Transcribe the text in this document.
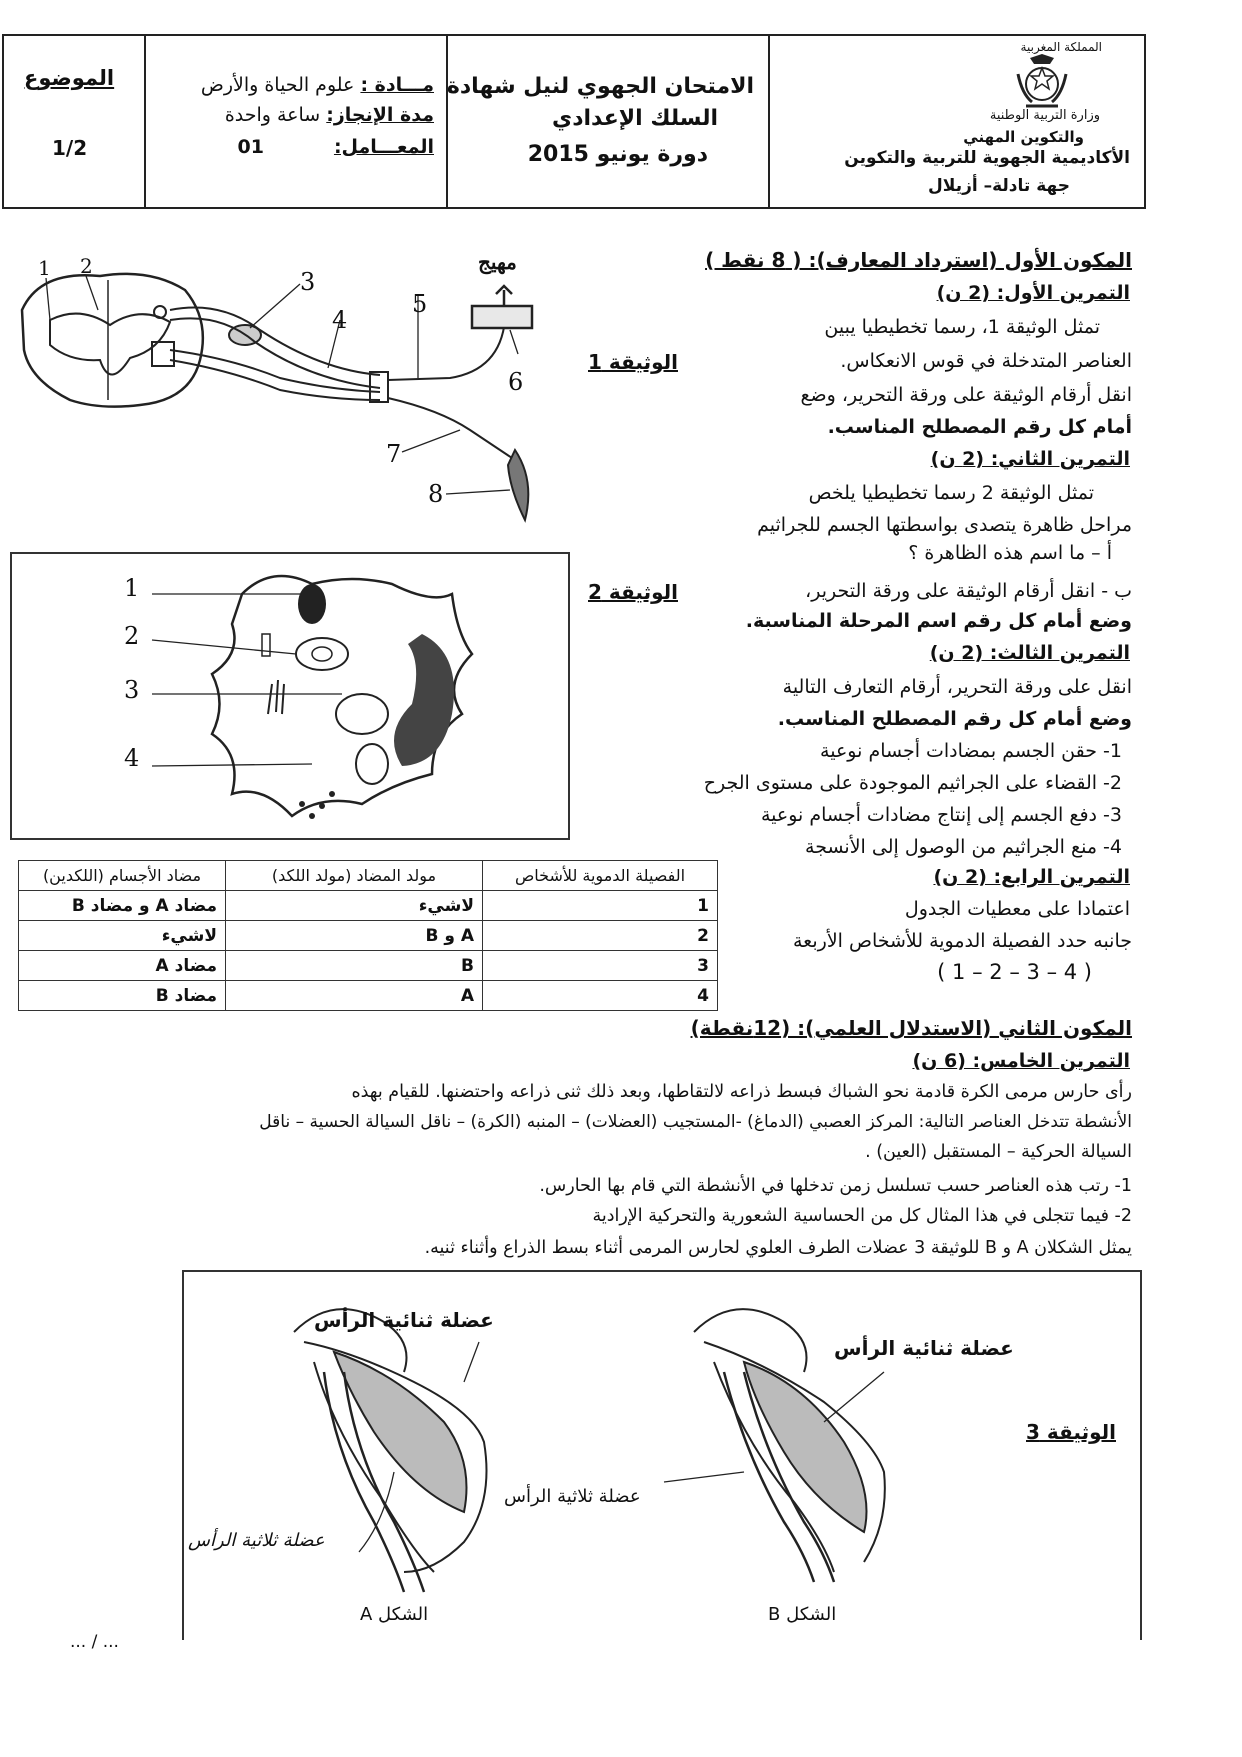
الموضوع
1/2
مـــادة : علوم الحياة والأرض
مدة الإنجاز: ساعة واحدة
المعـــامل:01
الامتحان الجهوي لنيل شهادة
السلك الإعدادي
دورة يونيو 2015
المملكة المغربية
وزارة التربية الوطنية
والتكوين المهني
الأكاديمية الجهوية للتربية والتكوين
جهة تادلة– أزيلال
المكون الأول (استرداد المعارف): ( 8 نقط )
التمرين الأول: (2 ن)
تمثل الوثيقة 1، رسما تخطيطيا يبين
العناصر المتدخلة في قوس الانعكاس.
الوثيقة 1
انقل أرقام الوثيقة على ورقة التحرير، وضع
أمام كل رقم المصطلح المناسب.
التمرين الثاني: (2 ن)
تمثل الوثيقة 2 رسما تخطيطيا يلخص
مراحل ظاهرة يتصدى بواسطتها الجسم للجراثيم
أ – ما اسم هذه الظاهرة ؟
ب - انقل أرقام الوثيقة على ورقة التحرير،
الوثيقة 2
وضع أمام كل رقم اسم المرحلة المناسبة.
التمرين الثالث: (2 ن)
انقل على ورقة التحرير، أرقام التعارف التالية
وضع أمام كل رقم المصطلح المناسب.
1- حقن الجسم بمضادات أجسام نوعية
2- القضاء على الجراثيم الموجودة على مستوى الجرح
3- دفع الجسم إلى إنتاج مضادات أجسام نوعية
4- منع الجراثيم من الوصول إلى الأنسجة
التمرين الرابع: (2 ن)
اعتمادا على معطيات الجدول
جانبه حدد الفصيلة الدموية للأشخاص الأربعة
( 4 – 3 – 2 – 1 )
1 2
3
4
5
6
7
8
مهيج
1
2
3
4
الفصيلة الدموية للأشخاص	مولد المضاد (مولد اللكد)	مضاد الأجسام (اللكدين)
1	لاشيء	مضاد A و مضاد B
2	A و B	لاشيء
3	B	مضاد A
4	A	مضاد B
المكون الثاني (الاستدلال العلمي): (12نقطة)
التمرين الخامس: (6 ن)
رأى حارس مرمى الكرة قادمة نحو الشباك فبسط ذراعه لالتقاطها، وبعد ذلك ثنى ذراعه واحتضنها. للقيام بهذه
الأنشطة تتدخل العناصر التالية: المركز العصبي (الدماغ) -المستجيب (العضلات) – المنبه (الكرة) – ناقل السيالة الحسية – ناقل
السيالة الحركية – المستقبل (العين) .
1- رتب هذه العناصر حسب تسلسل زمن تدخلها في الأنشطة التي قام بها الحارس.
2- فيما تتجلى في هذا المثال كل من الحساسية الشعورية والتحركية الإرادية
يمثل الشكلان A و B للوثيقة 3 عضلات الطرف العلوي لحارس المرمى أثناء بسط الذراع وأثناء ثنيه.
عضلة ثنائية الرأس
عضلة ثلاثية الرأس
عضلة ثنائية الرأس
عضلة ثلاثية الرأس
الوثيقة 3
الشكل A	الشكل B
... / ...
